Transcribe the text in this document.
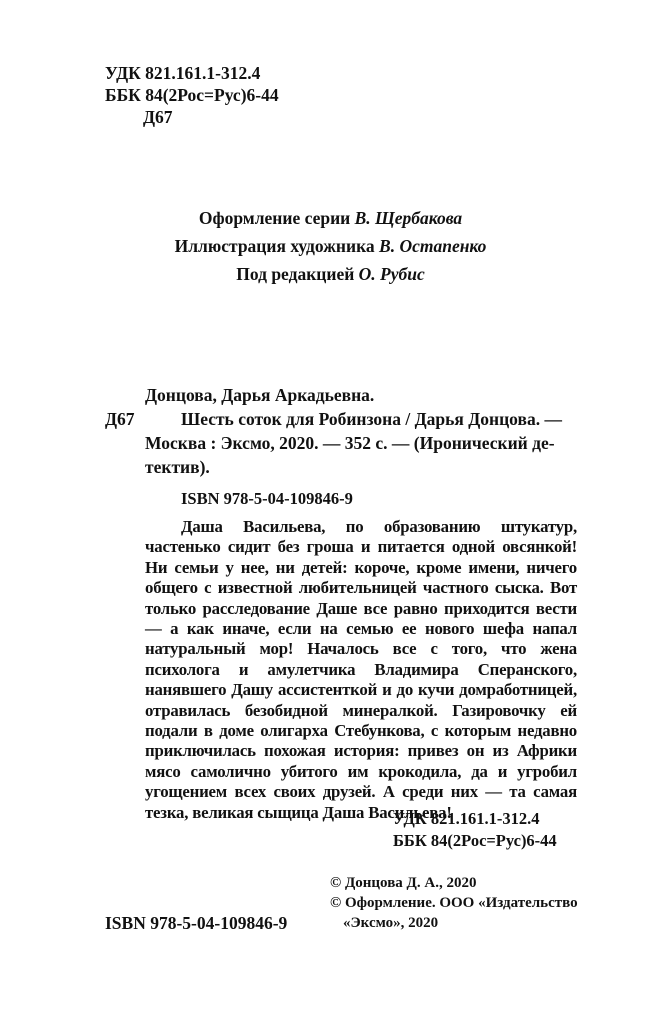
УДК 821.161.1-312.4
ББК 84(2Рос=Рус)6-44
Д67
Оформление серии В. Щербакова
Иллюстрация художника В. Остапенко
Под редакцией О. Рубис
Донцова, Дарья Аркадьевна.
Д67	Шесть соток для Робинзона / Дарья Донцова. —
Москва : Эксмо, 2020. — 352 с. — (Иронический де-
тектив).
ISBN 978-5-04-109846-9
Даша Васильева, по образованию штукатур, частенько сидит без гроша и питается одной овсянкой! Ни семьи у нее, ни детей: короче, кроме имени, ничего общего с известной любительницей частного сыска. Вот только расследование Даше все равно приходится вести — а как иначе, если на семью ее нового шефа напал натуральный мор! Началось все с того, что жена психолога и амулетчика Владимира Сперанского, нанявшего Дашу ассистенткой и до кучи домработницей, отравилась безобидной минералкой. Газировочку ей подали в доме олигарха Стебункова, с которым недавно приключилась похожая история: привез он из Африки мясо самолично убитого им крокодила, да и угробил угощением всех своих друзей. А среди них — та самая тезка, великая сыщица Даша Васильева!
УДК 821.161.1-312.4
ББК 84(2Рос=Рус)6-44
© Донцова Д. А., 2020
© Оформление. ООО «Издательство
«Эксмо», 2020
ISBN 978-5-04-109846-9
